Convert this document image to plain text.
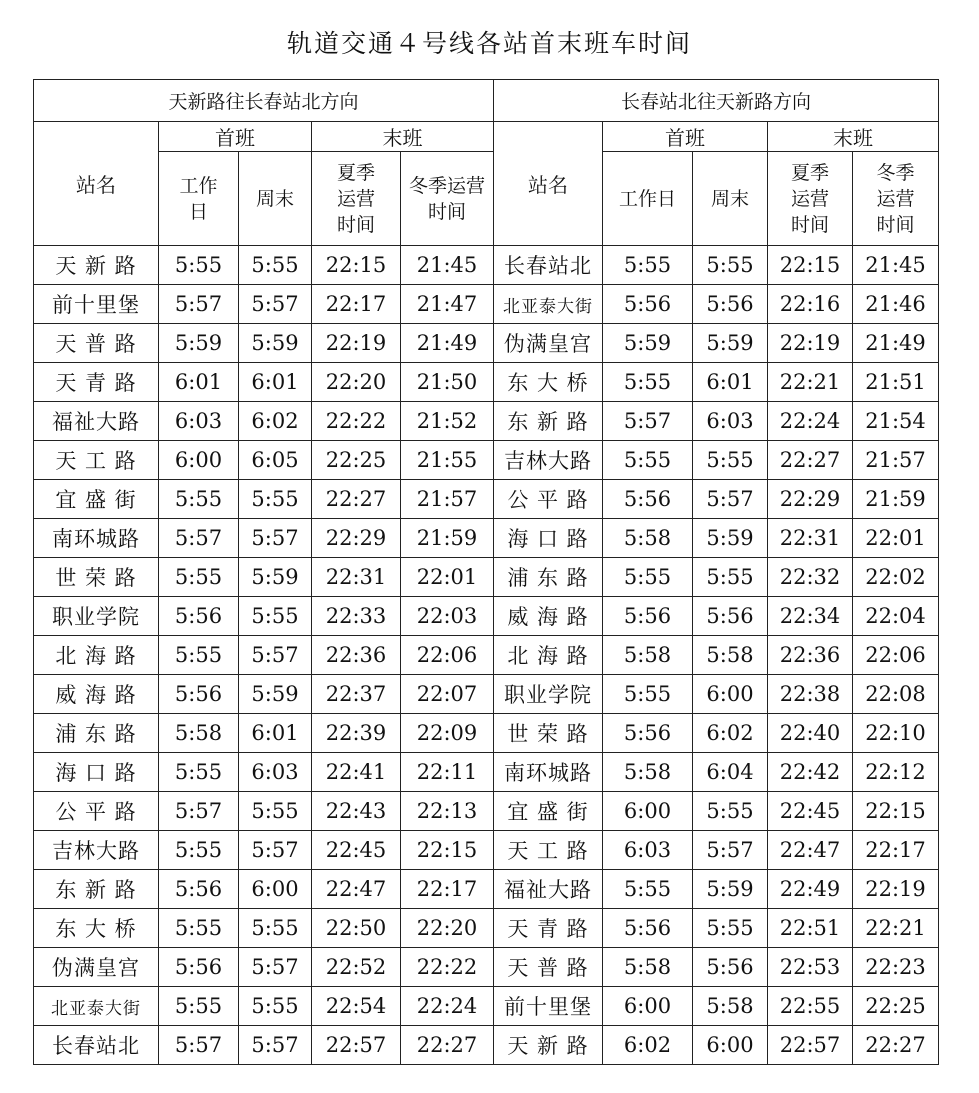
轨道交通４号线各站首末班车时间
天新路往长春站北方向					长春站北往天新路方向				
站名	首班		末班		站名	首班		末班	
	工作日	周末	夏季运营时间	冬季运营时间		工作日	周末	夏季运营时间	冬季运营时间
天 新 路	5:55	5:55	22:15	21:45	长春站北	5:55	5:55	22:15	21:45
前十里堡	5:57	5:57	22:17	21:47	北亚泰大街	5:56	5:56	22:16	21:46
天 普 路	5:59	5:59	22:19	21:49	伪满皇宫	5:59	5:59	22:19	21:49
天 青 路	6:01	6:01	22:20	21:50	东 大 桥	5:55	6:01	22:21	21:51
福祉大路	6:03	6:02	22:22	21:52	东 新 路	5:57	6:03	22:24	21:54
天 工 路	6:00	6:05	22:25	21:55	吉林大路	5:55	5:55	22:27	21:57
宜 盛 街	5:55	5:55	22:27	21:57	公 平 路	5:56	5:57	22:29	21:59
南环城路	5:57	5:57	22:29	21:59	海 口 路	5:58	5:59	22:31	22:01
世 荣 路	5:55	5:59	22:31	22:01	浦 东 路	5:55	5:55	22:32	22:02
职业学院	5:56	5:55	22:33	22:03	威 海 路	5:56	5:56	22:34	22:04
北 海 路	5:55	5:57	22:36	22:06	北 海 路	5:58	5:58	22:36	22:06
威 海 路	5:56	5:59	22:37	22:07	职业学院	5:55	6:00	22:38	22:08
浦 东 路	5:58	6:01	22:39	22:09	世 荣 路	5:56	6:02	22:40	22:10
海 口 路	5:55	6:03	22:41	22:11	南环城路	5:58	6:04	22:42	22:12
公 平 路	5:57	5:55	22:43	22:13	宜 盛 街	6:00	5:55	22:45	22:15
吉林大路	5:55	5:57	22:45	22:15	天 工 路	6:03	5:57	22:47	22:17
东 新 路	5:56	6:00	22:47	22:17	福祉大路	5:55	5:59	22:49	22:19
东 大 桥	5:55	5:55	22:50	22:20	天 青 路	5:56	5:55	22:51	22:21
伪满皇宫	5:56	5:57	22:52	22:22	天 普 路	5:58	5:56	22:53	22:23
北亚泰大街	5:55	5:55	22:54	22:24	前十里堡	6:00	5:58	22:55	22:25
长春站北	5:57	5:57	22:57	22:27	天 新 路	6:02	6:00	22:57	22:27
